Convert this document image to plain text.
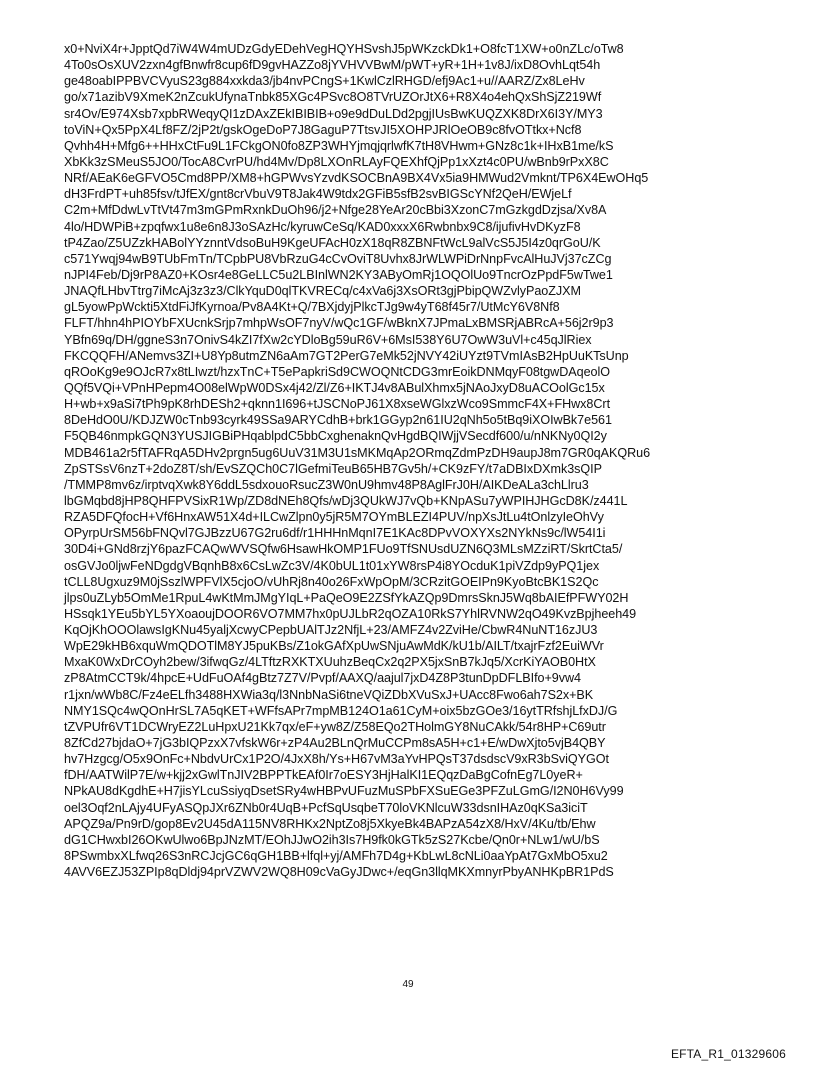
x0+NviX4r+JpptQd7iW4W4mUDzGdyEDehVegHQYHSvshJ5pWKzckDk1+O8fcT1XW+o0nZLc/oTw8
4To0sOsXUV2zxn4gfBnwfr8cup6fD9gvHAZZo8jYVHVVBwM/pWT+yR+1H+1v8J/ixD8OvhLqt54h
ge48oabIPPBVCVyuS23g884xxkda3/jb4nvPCngS+1KwlCzlRHGD/efj9Ac1+u//AARZ/Zx8LeHv
go/x71azibV9XmeK2nZcukUfynaTnbk85XGc4PSvc8O8TVrUZOrJtX6+R8X4o4ehQxShSjZ219Wf
sr4Ov/E974Xsb7xpbRWeqyQI1zDAxZEkIBIBIB+o9e9dDuLDd2pgjIUsBwKUQZXK8DrX6I3Y/MY3
toViN+Qx5PpX4Lf8FZ/2jP2t/gskOgeDoP7J8GaguP7TtsvJI5XOHPJRlOeOB9c8fvOTtkx+Ncf8
Qvhh4H+Mfg6++HHxCtFu9L1FCkgON0fo8ZP3WHYjmqjqrlwfK7tH8VHwm+GNz8c1k+IHxB1me/kS
XbKk3zSMeuS5JO0/TocA8CvrPU/hd4Mv/Dp8LXOnRLAyFQEXhfQjPp1xXzt4c0PU/wBnb9rPxX8C
NRf/AEaK6eGFVO5Cmd8PP/XM8+hGPWvsYzvdKSOCBnA9BX4Vx5ia9HMWud2Vmknt/TP6X4EwOHq5
dH3FrdPT+uh85fsv/tJfEX/gnt8crVbuV9T8Jak4W9tdx2GFiB5sfB2svBIGScYNf2QeH/EWjeLf
C2m+MfDdwLvTtVt47m3mGPmRxnkDuOh96/j2+Nfge28YeAr20cBbi3XzonC7mGzkgdDzjsa/Xv8A
4lo/HDWPiB+zpqfwx1u8e6n8J3oSAzHc/kyruwCeSq/KAD0xxxX6Rwbnbx9C8/ijufivHvDKyzF8
tP4Zao/Z5UZzkHABolYYznntVdsoBuH9KgeUFAcH0zX18qR8ZBNFtWcL9alVcS5J5I4z0qrGoU/K
c571Ywqj94wB9TUbFmTn/TCpbPU8VbRzuG4cCvOviT8Uvhx8JrWLWPiDrNnpFvcAlHuJVj37cZCg
nJPI4Feb/Dj9rP8AZ0+KOsr4e8GeLLC5u2LBInlWN2KY3AByOmRj1OQOlUo9TncrOzPpdF5wTwe1
JNAQfLHbvTtrg7iMcAj3z3z3/ClkYquD0qlTKVRECq/c4xVa6j3XsORt3gjPbipQWZvlyPaoZJXM
gL5yowPpWckti5XtdFiJfKyrnoa/Pv8A4Kt+Q/7BXjdyjPlkcTJg9w4yT68f45r7/UtMcY6V8Nf8
FLFT/hhn4hPIOYbFXUcnkSrjp7mhpWsOF7nyV/wQc1GF/wBknX7JPmaLxBMSRjABRcA+56j2r9p3
YBfn69q/DH/ggneS3n7OnivS4kZI7fXw2cYDloBg59uR6V+6MsI538Y6U7OwW3uVl+c45qJlRiex
FKCQQFH/ANemvs3ZI+U8Yp8utmZN6aAm7GT2PerG7eMk52jNVY42iUYzt9TVmIAsB2HpUuKTsUnp
qROoKg9e9OJcR7x8tLIwzt/hzxTnC+T5ePapkriSd9CWOQNtCDG3mrEoikDNMqyF08tgwDAqeolO
QQf5VQi+VPnHPepm4O08elWpW0DSx4j42/Zl/Z6+IKTJ4v8ABulXhmx5jNAoJxyD8uACOolGc15x
H+wb+x9aSi7tPh9pK8rhDESh2+qknn1I696+tJSCNoPJ61X8xseWGlxzWco9SmmcF4X+FHwx8Crt
8DeHdO0U/KDJZW0cTnb93cyrk49SSa9ARYCdhB+brk1GGyp2n61IU2qNh5o5tBq9iXOIwBk7e561
F5QB46nmpkGQN3YUSJIGBiPHqablpdC5bbCxghenaknQvHgdBQIWjjVSecdf600/u/nNKNy0QI2y
MDB461a2r5fTAFRqA5DHv2prgn5ug6UuV31M3U1sMKMqAp2ORmqZdmPzDH9aupJ8m7GR0qAKQRu6
ZpSTSsV6nzT+2doZ8T/sh/EvSZQCh0C7lGefmiTeuB65HB7Gv5h/+CK9zFY/t7aDBIxDXmk3sQIP
/TMMP8mv6z/irptvqXwk8Y6ddL5sdxouoRsucZ3W0nU9hmv48P8AglFrJ0H/AIKDeALa3chLlru3
lbGMqbd8jHP8QHFPVSixR1Wp/ZD8dNEh8Qfs/wDj3QUkWJ7vQb+KNpASu7yWPIHJHGcD8K/z441L
RZA5DFQfocH+Vf6HnxAW51X4d+ILCwZlpn0y5jR5M7OYmBLEZI4PUV/npXsJtLu4tOnlzyIeOhVy
OPyrpUrSM56bFNQvl7GJBzzU67G2ru6df/r1HHHnMqnI7E1KAc8DPvVOXYXs2NYkNs9c/lW54I1i
30D4i+GNd8rzjY6pazFCAQwWVSQfw6HsawHkOMP1FUo9TfSNUsdUZN6Q3MLsMZziRT/SkrtCta5/
osGVJo0ljwFeNDgdgVBqnhB8x6CsLwZc3V/4K0bUL1t01xYW8rsP4i8YOcduK1piVZdp9yPQ1jex
tCLL8Ugxuz9M0jSszlWPFVlX5cjoO/vUhRj8n40o26FxWpOpM/3CRzitGOEIPn9KyoBtcBK1S2Qc
jlps0uZLyb5OmMe1RpuL4wKtMmJMgYIqL+PaQeO9E2ZSfYkAZQp9DmrsSknJ5Wq8bAIEfPFWY02H
HSsqk1YEu5bYL5YXoaoujDOOR6VO7MM7hx0pUJLbR2qOZA10RkS7YhlRVNW2qO49KvzBpjheeh49
KqOjKhOOOlawsIgKNu45yaljXcwyCPepbUAlTJz2NfjL+23/AMFZ4v2ZviHe/CbwR4NuNT16zJU3
WpE29kHB6xquWmQDOTlM8YJ5puKBs/Z1okGAfXpUwSNjuAwMdK/kU1b/AILT/txajrFzf2EuiWVr
MxaK0WxDrCOyh2bew/3ifwqGz/4LTftzRXKTXUuhzBeqCx2q2PX5jxSnB7kJq5/XcrKiYAOB0HtX
zP8AtmCCT9k/4hpcE+UdFuOAf4gBtz7Z7V/Pvpf/AAXQ/aajul7jxD4Z8P3tunDpDFLBIfo+9vw4
r1jxn/wWb8C/Fz4eELfh3488HXWia3q/l3NnbNaSi6tneVQiZDbXVuSxJ+UAcc8Fwo6ah7S2x+BK
NMY1SQc4wQOnHrSL7A5qKET+WFfsAPr7mpMB124O1a61CyM+oix5bzGOe3/16ytTRfshjLfxDJ/G
tZVPUfr6VT1DCWryEZ2LuHpxU21Kk7qx/eF+yw8Z/Z58EQo2THolmGY8NuCAkk/54r8HP+C69utr
8ZfCd27bjdaO+7jG3bIQPzxX7vfskW6r+zP4Au2BLnQrMuCCPm8sA5H+c1+E/wDwXjto5vjB4QBY
hv7Hzgcg/O5x9OnFc+NbdvUrCx1P2O/4JxX8h/Ys+H67vM3aYvHPQsT37dsdscV9xR3bSviQYGOt
fDH/AATWilP7E/w+kjj2xGwlTnJIV2BPPTkEAf0Ir7oESY3HjHalKI1EQqzDaBgCofnEg7L0yeR+
NPkAU8dKgdhE+H7jisYLcuSsiyqDsetSRy4wHBPvUFuzMuSPbFXSuEGe3PFZuLGmG/I2N0H6Vy99
oel3Oqf2nLAjy4UFyASQpJXr6ZNb0r4UqB+PcfSqUsqbeT70loVKNlcuW33dsnIHAz0qKSa3iciT
APQZ9a/Pn9rD/gop8Ev2U45dA115NV8RHKx2NptZo8j5XkyeBk4BAPzA54zX8/HxV/4Ku/tb/Ehw
dG1CHwxbI26OKwUlwo6BpJNzMT/EOhJJwO2ih3Is7H9fk0kGTk5zS27Kcbe/Qn0r+NLw1/wU/bS
8PSwmbxXLfwq26S3nRCJcjGC6qGH1BB+lfql+yj/AMFh7D4g+KbLwL8cNLi0aaYpAt7GxMbO5xu2
4AVV6EZJ53ZPIp8qDldj94prVZWV2WQ8H09cVaGyJDwc+/eqGn3llqMKXmnyrPbyANHKpBR1PdS
49
EFTA_R1_01329606
